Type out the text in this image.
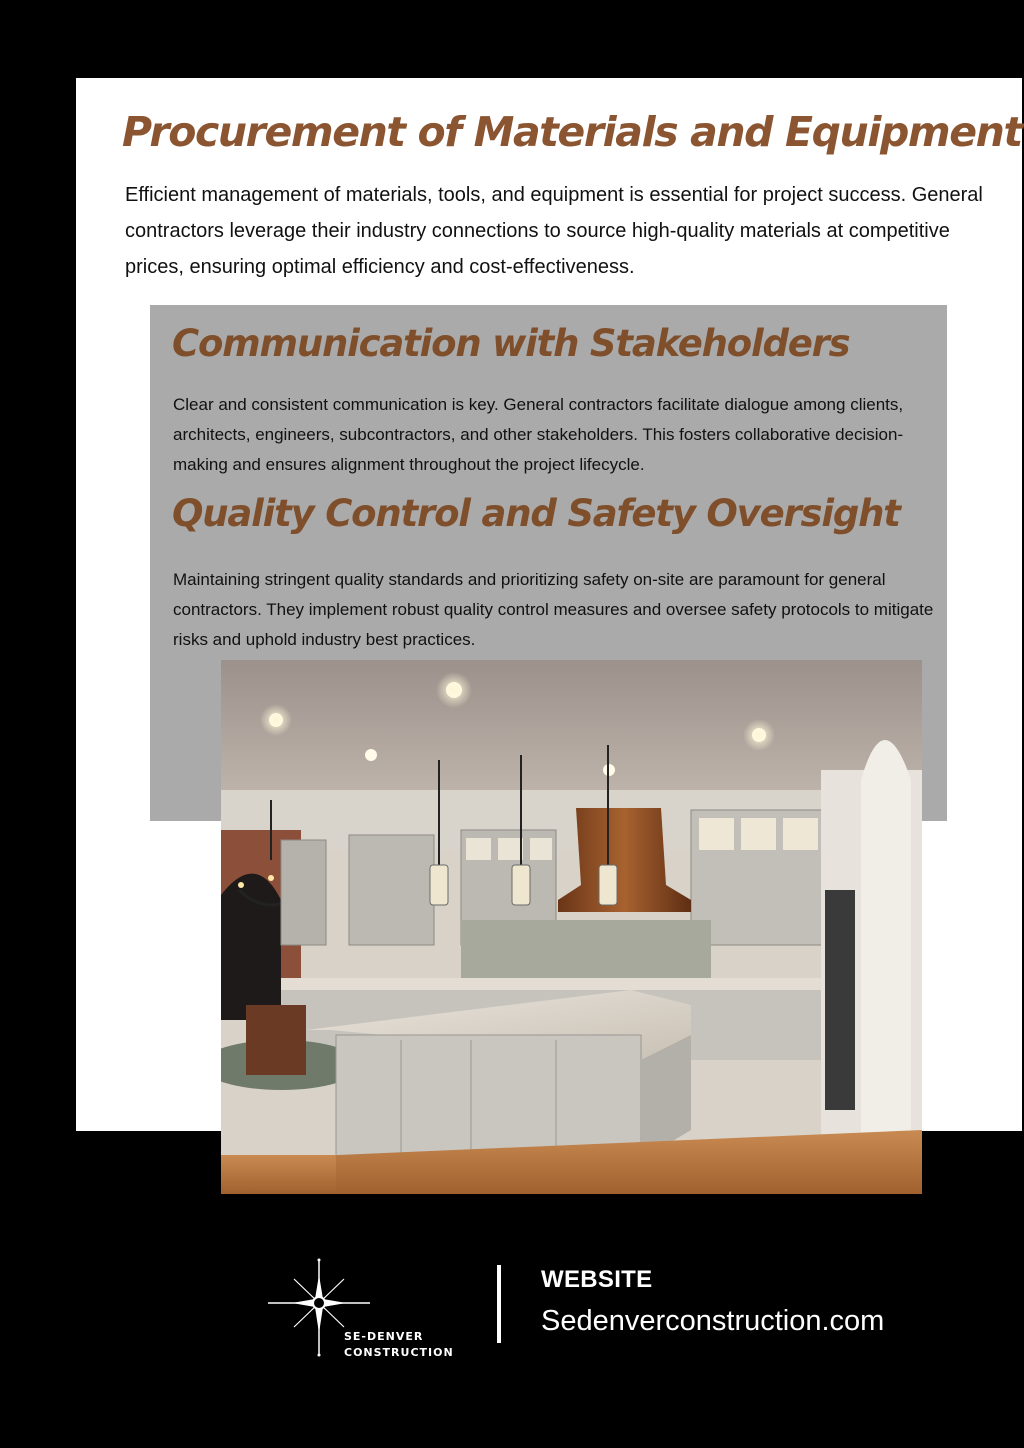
Procurement of Materials and Equipment

Efficient management of materials, tools, and equipment is essential for project success. General contractors leverage their industry connections to source high-quality materials at competitive prices, ensuring optimal efficiency and cost-effectiveness.

Communication with Stakeholders

Clear and consistent communication is key. General contractors facilitate dialogue among clients, architects, engineers, subcontractors, and other stakeholders. This fosters collaborative decision-making and ensures alignment throughout the project lifecycle.

Quality Control and Safety Oversight

Maintaining stringent quality standards and prioritizing safety on-site are paramount for general contractors. They implement robust quality control measures and oversee safety protocols to mitigate risks and uphold industry best practices.

SE-DENVER

CONSTRUCTION

WEBSITE

Sedenverconstruction.com
